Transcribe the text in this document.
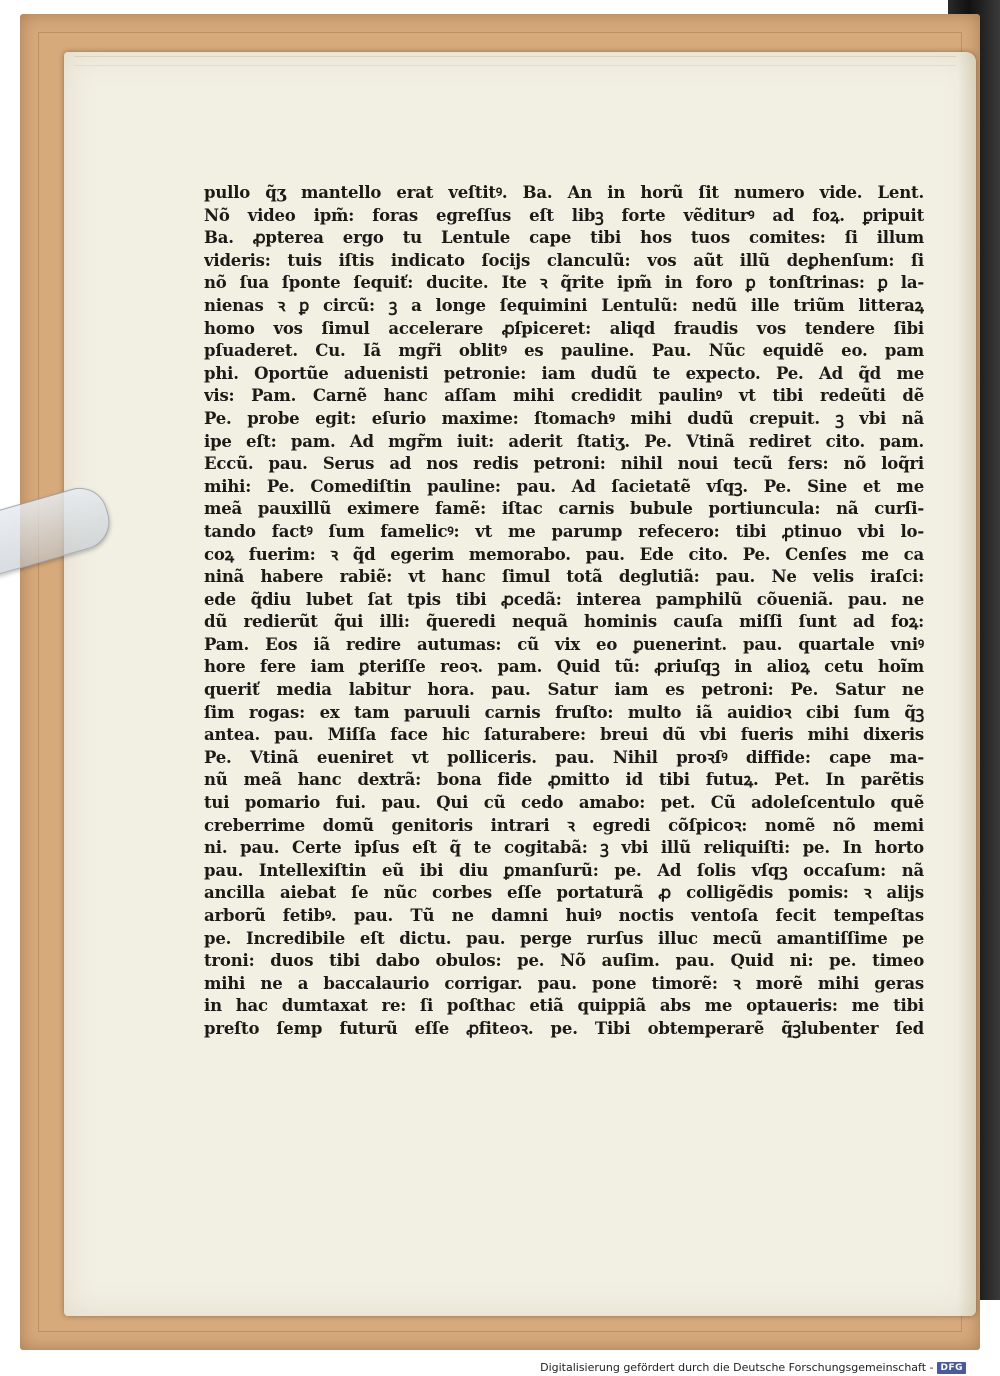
pullo q̃ʒ mantello erat veſtitꝰ. Ba. An in horũ ſit numero vide. Lent.
Nõ video ipm̃: foras egreſſus eſt libꝫ forte vẽditurꝰ ad foꝝ. ꝑripuit
Ba. ꝓpterea ergo tu Lentule cape tibi hos tuos comites: ſi illum
videris: tuis iſtis indicato ſocijs clanculũ: vos aũt illũ deꝑhenſum: ſi
nõ ſua ſponte ſequiť: ducite. Ite ꝛ q̃rite ipm̃ in foro ꝑ tonſtrinas: ꝑ la-
nienas ꝛ ꝑ circũ: ꝫ a longe ſequimini Lentulũ: nedũ ille triũm litteraꝝ
homo vos ſimul accelerare ꝓſpiceret: aliqd fraudis vos tendere ſibi
pſuaderet. Cu. Iã mgr̃i oblitꝰ es pauline. Pau. Nũc equidẽ eo. pam
phi. Oportũe aduenisti petronie: iam dudũ te expecto. Pe. Ad q̃d me
vis: Pam. Carnẽ hanc aſſam mihi credidit paulinꝰ vt tibi redeũti dẽ
Pe. probe egit: eſurio maxime: ſtomachꝰ mihi dudũ crepuit. ꝫ vbi nã
ipe eſt: pam. Ad mgr̃m iuit: aderit ſtatiʒ. Pe. Vtinã rediret cito. pam.
Eccũ. pau. Serus ad nos redis petroni: nihil noui tecũ fers: nõ loq̃ri
mihi: Pe. Comediſtin pauline: pau. Ad ſacietatẽ vſqꝫ. Pe. Sine et me
meã pauxillũ eximere famẽ: iſtac carnis bubule portiuncula: nã curſi-
tando factꝰ ſum famelicꝰ: vt me parump refecero: tibi ꝓtinuo vbi lo-
coꝝ fuerim: ꝛ q̃d egerim memorabo. pau. Ede cito. Pe. Cenſes me ca
ninã habere rabiẽ: vt hanc ſimul totã deglutiã: pau. Ne velis iraſci:
ede q̃diu lubet ſat tpis tibi ꝓcedã: interea pamphilũ cõueniã. pau. ne
dũ redierũt q̃ui illi: q̃ueredi nequã hominis cauſa miſſi ſunt ad foꝝ:
Pam. Eos iã redire autumas: cũ vix eo ꝑuenerint. pau. quartale vniꝰ
hore fere iam ꝑteriſſe reoꝛ. pam. Quid tũ: ꝓriuſqꝫ in alioꝝ cetu hoĩm
queriť media labitur hora. pau. Satur iam es petroni: Pe. Satur ne
ſim rogas: ex tam paruuli carnis fruſto: multo iã auidioꝛ cibi ſum q̃ꝫ
antea. pau. Miſſa face hic ſaturabere: breui dũ vbi fueris mihi dixeris
Pe. Vtinã eueniret vt polliceris. pau. Nihil proꝛſꝰ diffide: cape ma-
nũ meã hanc dextrã: bona fide ꝓmitto id tibi futuꝝ. Pet. In parẽtis
tui pomario fui. pau. Qui cũ cedo amabo: pet. Cũ adoleſcentulo quẽ
creberrime domũ genitoris intrari ꝛ egredi cõſpicoꝛ: nomẽ nõ memi
ni. pau. Certe ipſus eſt q̃ te cogitabã: ꝫ vbi illũ reliquiſti: pe. In horto
pau. Intellexiſtin eũ ibi diu ꝑmanſurũ: pe. Ad ſolis vſqꝫ occaſum: nã
ancilla aiebat ſe nũc corbes eſſe portaturã ꝓ colligẽdis pomis: ꝛ alijs
arborũ fetibꝰ. pau. Tũ ne damni huiꝰ noctis ventoſa fecit tempeſtas
pe. Incredibile eſt dictu. pau. perge rurſus illuc mecũ amantiſſime pe
troni: duos tibi dabo obulos: pe. Nõ auſim. pau. Quid ni: pe. timeo
mihi ne a baccalaurio corrigar. pau. pone timorẽ: ꝛ morẽ mihi geras
in hac dumtaxat re: ſi poſthac etiã quippiã abs me optaueris: me tibi
preſto ſemp futurũ eſſe ꝓfiteoꝛ. pe. Tibi obtemperarẽ q̃ꝫlubenter ſed
Digitalisierung gefördert durch die Deutsche Forschungsgemeinschaft - DFG
